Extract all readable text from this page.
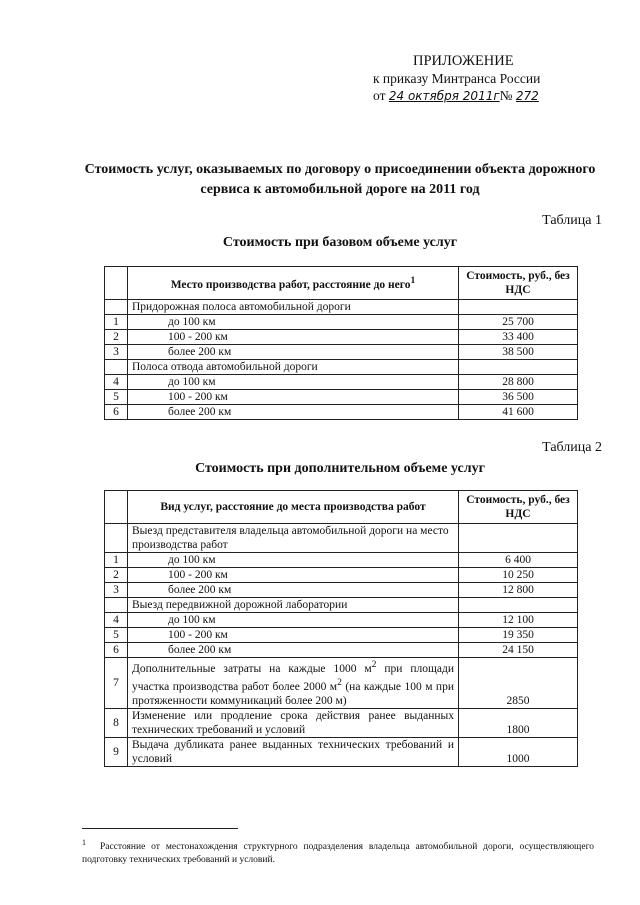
ПРИЛОЖЕНИЕ
к приказу Минтранса России
от 24 октября 2011г№ 272
Стоимость услуг, оказываемых по договору о присоединении объекта дорожного сервиса к автомобильной дороге на 2011 год
Таблица 1
Стоимость при базовом объеме услуг
	Место производства работ, расстояние до него$^1$	Стоимость, руб., без НДС
	Придорожная полоса автомобильной дороги	
1	до 100 км	25 700
2	100 - 200 км	33 400
3	более 200 км	38 500
	Полоса отвода автомобильной дороги	
4	до 100 км	28 800
5	100 - 200 км	36 500
6	более 200 км	41 600
Таблица 2
Стоимость при дополнительном объеме услуг
	Вид услуг, расстояние до места производства работ	Стоимость, руб., без НДС
	Выезд представителя владельца автомобильной дороги на место производства работ	
1	до 100 км	6 400
2	100 - 200 км	10 250
3	более 200 км	12 800
	Выезд передвижной дорожной лаборатории	
4	до 100 км	12 100
5	100 - 200 км	19 350
6	более 200 км	24 150
7	Дополнительные затраты на каждые 1000 $м^2$ при площади участка производства работ более 2000 $м^2$ (на каждые 100 м при протяженности коммуникаций более 200 м)	2850
8	Изменение или продление срока действия ранее выданных технических требований и условий	1800
9	Выдача дубликата ранее выданных технических требований и условий	1000
$^1$ Расстояние от местонахождения структурного подразделения владельца автомобильной дороги, осуществляющего подготовку технических требований и условий.
